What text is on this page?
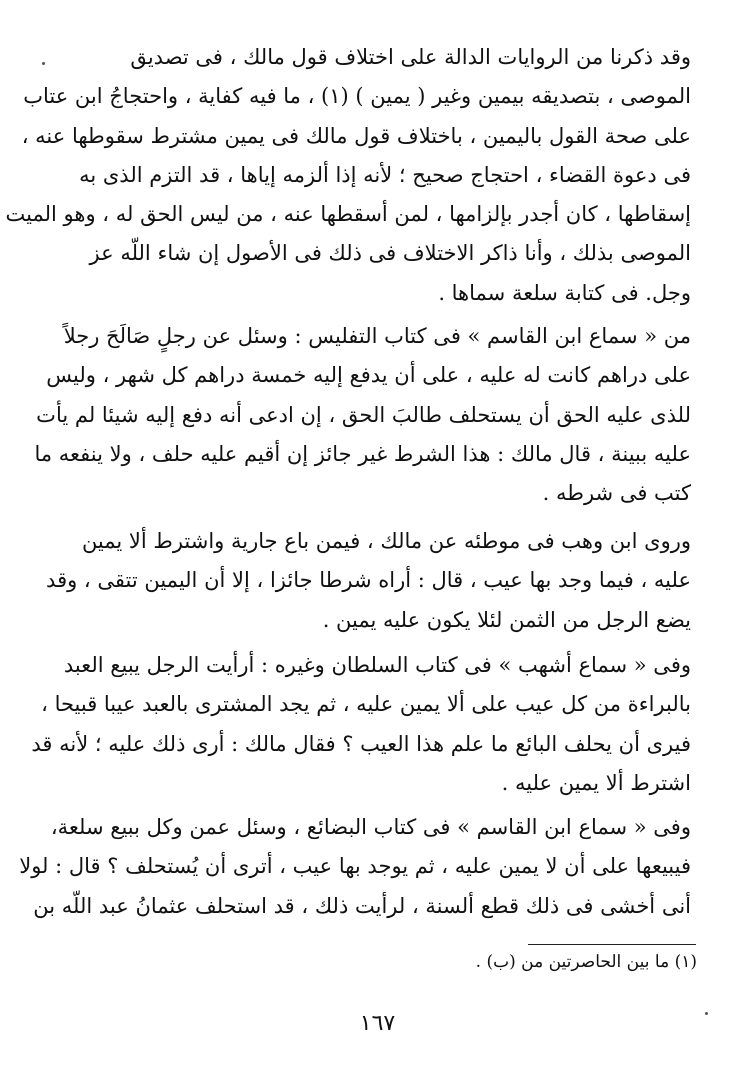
وقد ذكرنا من الروايات الدالة على اختلاف قول مالك ، فى تصديق
الموصى ، بتصديقه بيمين وغير ( يمين ) (١) ، ما فيه كفاية ، واحتجاجُ ابن عتاب
على صحة القول باليمين ، باختلاف قول مالك فى يمين مشترط سقوطها عنه ،
فى دعوة القضاء ، احتجاج صحيح ؛ لأنه إذا ألزمه إياها ، قد التزم الذى به
إسقاطها ، كان أجدر بإلزامها ، لمن أسقطها عنه ، من ليس الحق له ، وهو الميت
الموصى بذلك ، وأنا ذاكر الاختلاف فى ذلك فى الأصول إن شاء اللّه عز
وجل. فى كتابة سلعة سماها .
من « سماع ابن القاسم » فى كتاب التفليس : وسئل عن رجلٍ صَالَحَ رجلاً
على دراهم كانت له عليه ، على أن يدفع إليه خمسة دراهم كل شهر ، وليس
للذى عليه الحق أن يستحلف طالبَ الحق ، إن ادعى أنه دفع إليه شيئا لم يأت
عليه ببينة ، قال مالك : هذا الشرط غير جائز إن أقيم عليه حلف ، ولا ينفعه ما
كتب فى شرطه .
وروى ابن وهب فى موطئه عن مالك ، فيمن باع جارية واشترط ألا يمين
عليه ، فيما وجد بها عيب ، قال : أراه شرطا جائزا ، إلا أن اليمين تتقى ، وقد
يضع الرجل من الثمن لئلا يكون عليه يمين .
وفى « سماع أشهب » فى كتاب السلطان وغيره : أرأيت الرجل يبيع العبد
بالبراءة من كل عيب على ألا يمين عليه ، ثم يجد المشترى بالعبد عيبا قبيحا ،
فيرى أن يحلف البائع ما علم هذا العيب ؟ فقال مالك : أرى ذلك عليه ؛ لأنه قد
اشترط ألا يمين عليه .
وفى « سماع ابن القاسم » فى كتاب البضائع ، وسئل عمن وكل ببيع سلعة،
فيبيعها على أن لا يمين عليه ، ثم يوجد بها عيب ، أترى أن يُستحلف ؟ قال : لولا
أنى أخشى فى ذلك قطع ألسنة ، لرأيت ذلك ، قد استحلف عثمانُ عبد اللّه بن
(١) ما بين الحاصرتين من (ب) .
١٦٧
